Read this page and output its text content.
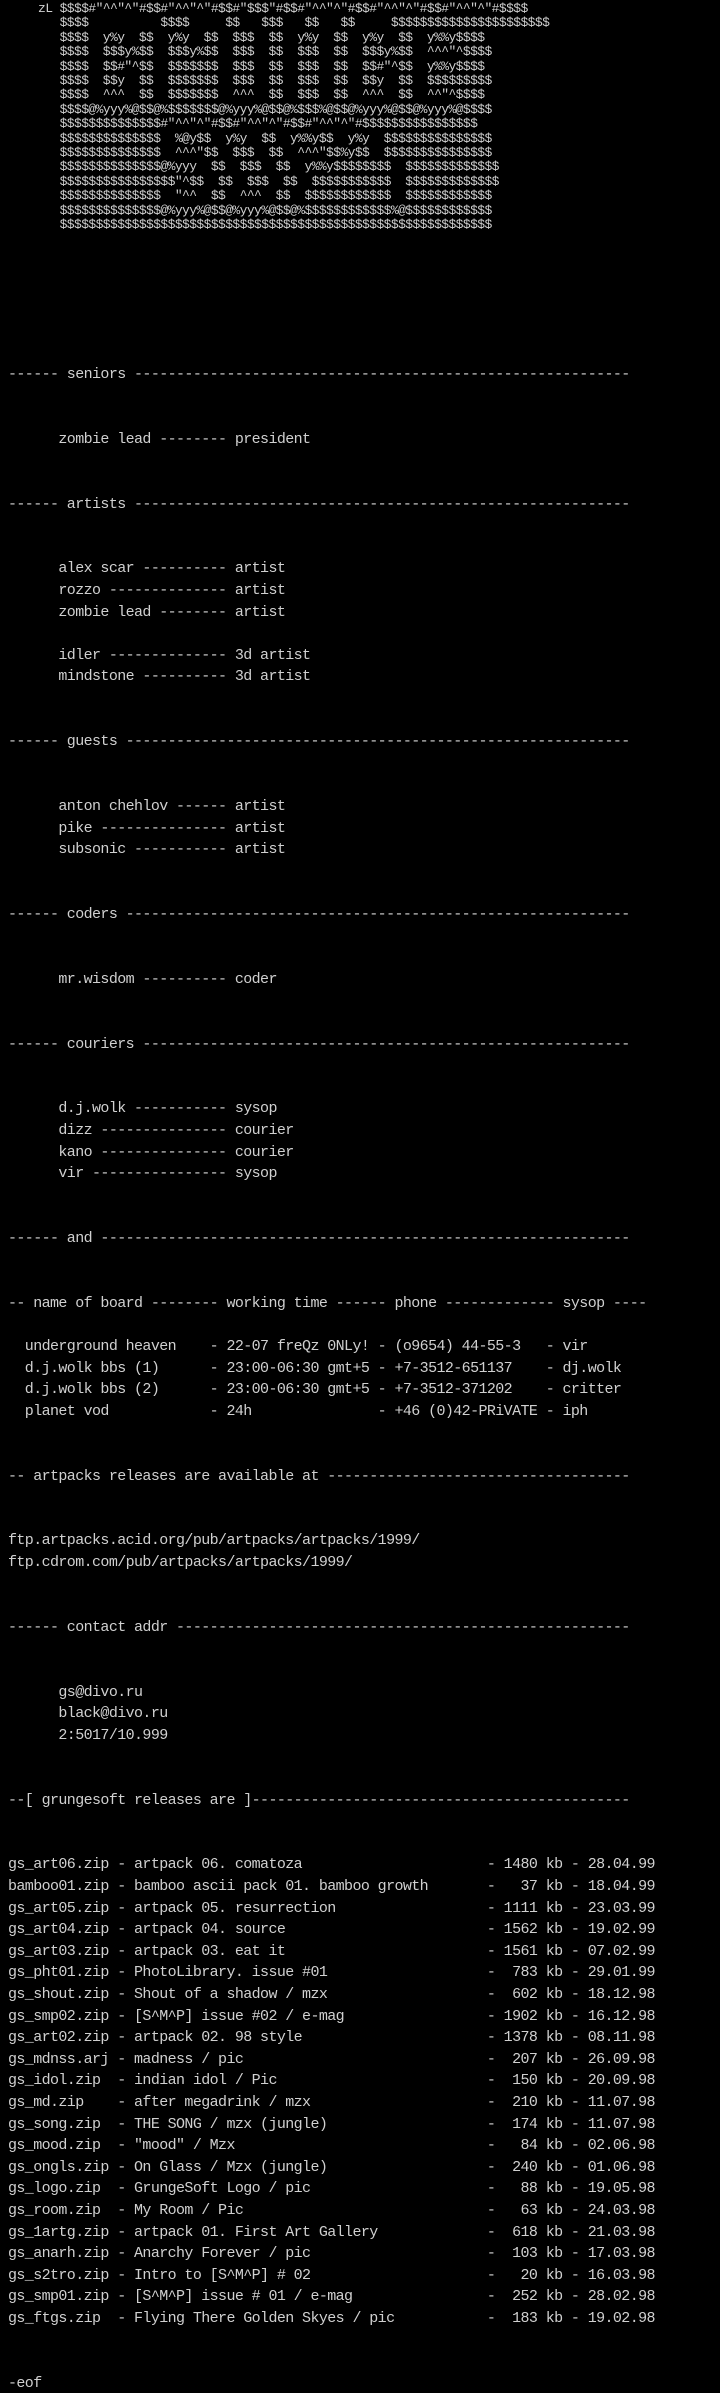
zL $$$$#"^^"^"#$$#"^^"^"#$$#"$$$"#$$#"^^"^"#$$#"^^"^"#$$#"^^"^"#$$$$
$$$$          $$$$     $$   $$$   $$   $$     $$$$$$$$$$$$$$$$$$$$$$
$$$$  y%y  $$  y%y  $$  $$$  $$  y%y  $$  y%y  $$  y%%y$$$$
$$$$  $$$y%$$  $$$y%$$  $$$  $$  $$$  $$  $$$y%$$  ^^^"^$$$$
$$$$  $$#"^$$  $$$$$$$  $$$  $$  $$$  $$  $$#"^$$  y%%y$$$$
$$$$  $$y  $$  $$$$$$$  $$$  $$  $$$  $$  $$y  $$  $$$$$$$$$
$$$$  ^^^  $$  $$$$$$$  ^^^  $$  $$$  $$  ^^^  $$  ^^"^$$$$
$$$$@%yyy%@$$@%$$$$$$$@%yyy%@$$@%$$$%@$$@%yyy%@$$@%yyy%@$$$$
$$$$$$$$$$$$$$#"^^"^"#$$#"^^"^"#$$#"^^"^"#$$$$$$$$$$$$$$$$
$$$$$$$$$$$$$$  %@y$$  y%y  $$  y%%y$$  y%y  $$$$$$$$$$$$$$$
$$$$$$$$$$$$$$  ^^^"$$  $$$  $$  ^^^"$$%y$$  $$$$$$$$$$$$$$$
$$$$$$$$$$$$$$@%yyy  $$  $$$  $$  y%%y$$$$$$$$  $$$$$$$$$$$$$
$$$$$$$$$$$$$$$$"^$$  $$  $$$  $$  $$$$$$$$$$$  $$$$$$$$$$$$$
$$$$$$$$$$$$$$  "^^  $$  ^^^  $$  $$$$$$$$$$$$  $$$$$$$$$$$$
$$$$$$$$$$$$$$@%yyy%@$$@%yyy%@$$@%$$$$$$$$$$$$%@$$$$$$$$$$$$
$$$$$$$$$$$$$$$$$$$$$$$$$$$$$$$$$$$$$$$$$$$$$$$$$$$$$$$$$$$$
------ seniors -----------------------------------------------------------
zombie lead -------- president
------ artists -----------------------------------------------------------
alex scar ---------- artist
rozzo -------------- artist
zombie lead -------- artist
idler -------------- 3d artist
mindstone ---------- 3d artist
------ guests ------------------------------------------------------------
anton chehlov ------ artist
pike --------------- artist
subsonic ----------- artist
------ coders ------------------------------------------------------------
mr.wisdom ---------- coder
------ couriers ----------------------------------------------------------
d.j.wolk ----------- sysop
dizz --------------- courier
kano --------------- courier
vir ---------------- sysop
------ and ---------------------------------------------------------------
-- name of board -------- working time ------ phone ------------- sysop ----
underground heaven    - 22-07 freQz 0NLy! - (o9654) 44-55-3   - vir
d.j.wolk bbs (1)      - 23:00-06:30 gmt+5 - +7-3512-651137    - dj.wolk
d.j.wolk bbs (2)      - 23:00-06:30 gmt+5 - +7-3512-371202    - critter
planet vod            - 24h               - +46 (0)42-PRiVATE - iph
-- artpacks releases are available at ------------------------------------
ftp.artpacks.acid.org/pub/artpacks/artpacks/1999/
ftp.cdrom.com/pub/artpacks/artpacks/1999/
------ contact addr ------------------------------------------------------
gs@divo.ru
black@divo.ru
2:5017/10.999
--[ grungesoft releases are ]---------------------------------------------
gs_art06.zip - artpack 06. comatoza                      - 1480 kb - 28.04.99
bamboo01.zip - bamboo ascii pack 01. bamboo growth       -   37 kb - 18.04.99
gs_art05.zip - artpack 05. resurrection                  - 1111 kb - 23.03.99
gs_art04.zip - artpack 04. source                        - 1562 kb - 19.02.99
gs_art03.zip - artpack 03. eat it                        - 1561 kb - 07.02.99
gs_pht01.zip - PhotoLibrary. issue #01                   -  783 kb - 29.01.99
gs_shout.zip - Shout of a shadow / mzx                   -  602 kb - 18.12.98
gs_smp02.zip - [S^M^P] issue #02 / e-mag                 - 1902 kb - 16.12.98
gs_art02.zip - artpack 02. 98 style                      - 1378 kb - 08.11.98
gs_mdnss.arj - madness / pic                             -  207 kb - 26.09.98
gs_idol.zip  - indian idol / Pic                         -  150 kb - 20.09.98
gs_md.zip    - after megadrink / mzx                     -  210 kb - 11.07.98
gs_song.zip  - THE SONG / mzx (jungle)                   -  174 kb - 11.07.98
gs_mood.zip  - "mood" / Mzx                              -   84 kb - 02.06.98
gs_ongls.zip - On Glass / Mzx (jungle)                   -  240 kb - 01.06.98
gs_logo.zip  - GrungeSoft Logo / pic                     -   88 kb - 19.05.98
gs_room.zip  - My Room / Pic                             -   63 kb - 24.03.98
gs_1artg.zip - artpack 01. First Art Gallery             -  618 kb - 21.03.98
gs_anarh.zip - Anarchy Forever / pic                     -  103 kb - 17.03.98
gs_s2tro.zip - Intro to [S^M^P] # 02                     -   20 kb - 16.03.98
gs_smp01.zip - [S^M^P] issue # 01 / e-mag                -  252 kb - 28.02.98
gs_ftgs.zip  - Flying There Golden Skyes / pic           -  183 kb - 19.02.98
-eof
